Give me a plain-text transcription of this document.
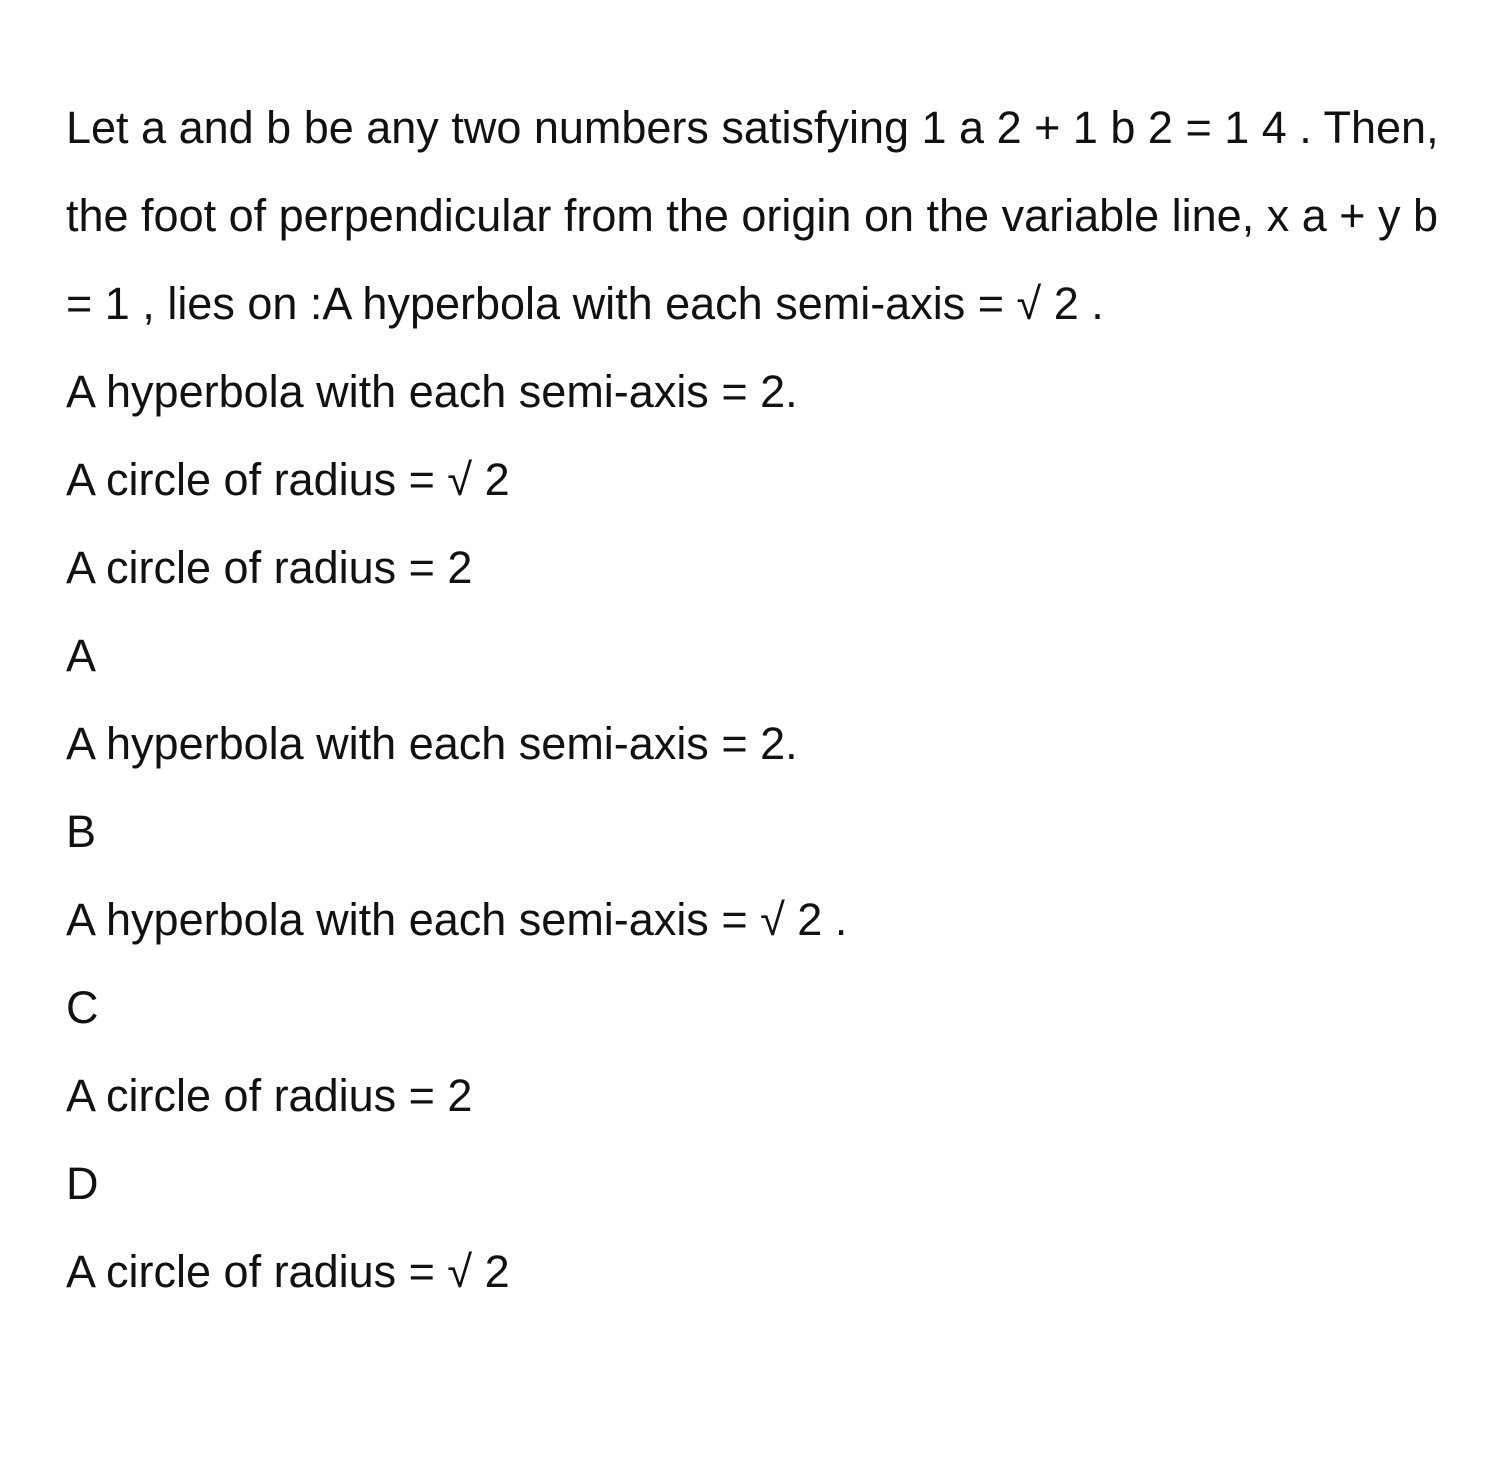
Let a and b be any two numbers satisfying 1 a 2 + 1 b 2 = 1 4 . Then, the foot of perpendicular from the origin on the variable line, x a + y b = 1 , lies on :A hyperbola with each semi-axis = √ 2 .

A hyperbola with each semi-axis = 2.

A circle of radius = √ 2

A circle of radius = 2

A

A hyperbola with each semi-axis = 2.

B

A hyperbola with each semi-axis = √ 2 .

C

A circle of radius = 2

D

A circle of radius = √ 2
